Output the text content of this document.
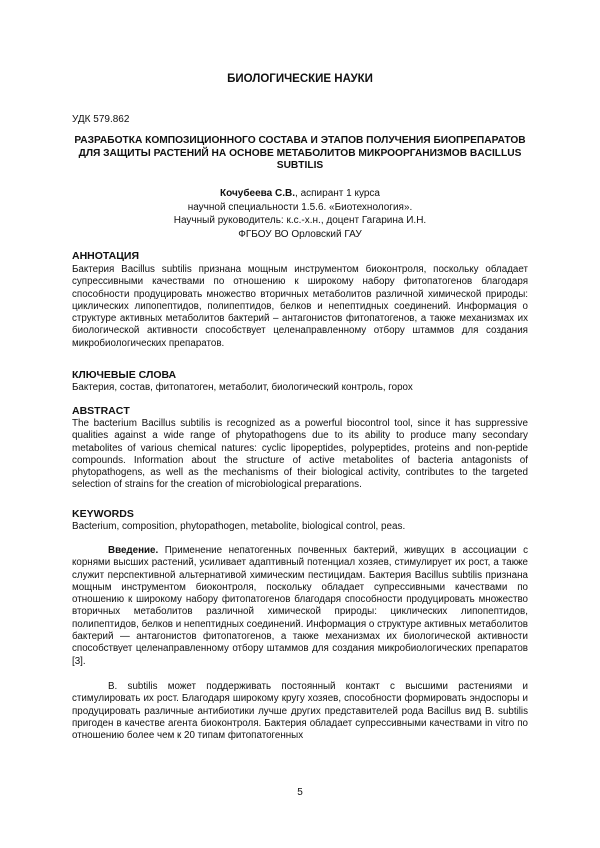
БИОЛОГИЧЕСКИЕ НАУКИ
УДК 579.862
РАЗРАБОТКА КОМПОЗИЦИОННОГО СОСТАВА И ЭТАПОВ ПОЛУЧЕНИЯ БИОПРЕПАРАТОВ ДЛЯ ЗАЩИТЫ РАСТЕНИЙ НА ОСНОВЕ МЕТАБОЛИТОВ МИКРООРГАНИЗМОВ BACILLUS SUBTILIS
Кочубеева С.В., аспирант 1 курса
научной специальности 1.5.6. «Биотехнология».
Научный руководитель: к.с.-х.н., доцент Гагарина И.Н.
ФГБОУ ВО Орловский ГАУ
АННОТАЦИЯ
Бактерия Bacillus subtilis признана мощным инструментом биоконтроля, поскольку обладает супрессивными качествами по отношению к широкому набору фитопатогенов благодаря способности продуцировать множество вторичных метаболитов различной химической природы: циклических липопептидов, полипептидов, белков и непептидных соединений. Информация о структуре активных метаболитов бактерий – антагонистов фитопатогенов, а также механизмах их биологической активности способствует целенаправленному отбору штаммов для создания микробиологических препаратов.
КЛЮЧЕВЫЕ СЛОВА
Бактерия, состав, фитопатоген, метаболит, биологический контроль, горох
ABSTRACT
The bacterium Bacillus subtilis is recognized as a powerful biocontrol tool, since it has suppressive qualities against a wide range of phytopathogens due to its ability to produce many secondary metabolites of various chemical natures: cyclic lipopeptides, polypeptides, proteins and non-peptide compounds. Information about the structure of active metabolites of bacteria antagonists of phytopathogens, as well as the mechanisms of their biological activity, contributes to the targeted selection of strains for the creation of microbiological preparations.
KEYWORDS
Bacterium, composition, phytopathogen, metabolite, biological control, peas.
Введение. Применение непатогенных почвенных бактерий, живущих в ассоциации с корнями высших растений, усиливает адаптивный потенциал хозяев, стимулирует их рост, а также служит перспективной альтернативой химическим пестицидам. Бактерия Bacillus subtilis признана мощным инструментом биоконтроля, поскольку обладает супрессивными качествами по отношению к широкому набору фитопатогенов благодаря способности продуцировать множество вторичных метаболитов различной химической природы: циклических липопептидов, полипептидов, белков и непептидных соединений. Информация о структуре активных метаболитов бактерий — антагонистов фитопатогенов, а также механизмах их биологической активности способствует целенаправленному отбору штаммов для создания микробиологических препаратов [3].
B. subtilis может поддерживать постоянный контакт с высшими растениями и стимулировать их рост. Благодаря широкому кругу хозяев, способности формировать эндоспоры и продуцировать различные антибиотики лучше других представителей рода Bacillus вид B. subtilis пригоден в качестве агента биоконтроля. Бактерия обладает супрессивными качествами in vitro по отношению более чем к 20 типам фитопатогенных
5
